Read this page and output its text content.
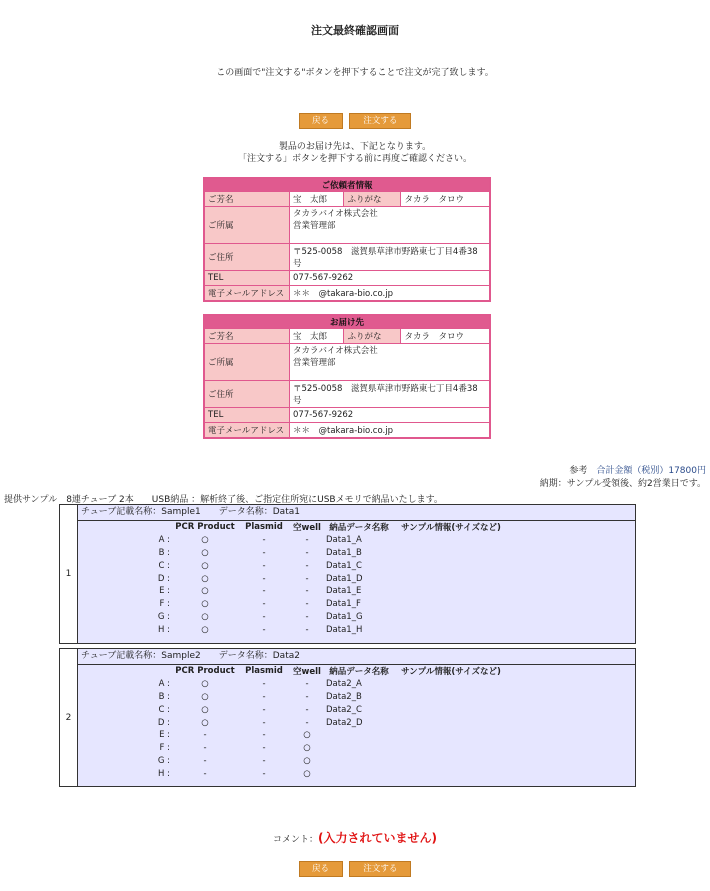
注文最終確認画面
この画面で"注文する"ボタンを押下することで注文が完了致します。
戻る	注文する
製品のお届け先は、下記となります。
「注文する」ボタンを押下する前に再度ご確認ください。
ご依頼者情報			
ご芳名	宝　太郎	ふりがな	タカラ　タロウ
ご所属	タカラバイオ株式会社
営業管理部		

ご住所	〒525-0058　滋賀県草津市野路東七丁目4番38号		
TEL	077-567-9262		
電子メールアドレス	＊＊　@takara-bio.co.jp		
お届け先			
ご芳名	宝　太郎	ふりがな	タカラ　タロウ
ご所属	タカラバイオ株式会社
営業管理部		

ご住所	〒525-0058　滋賀県草津市野路東七丁目4番38号		
TEL	077-567-9262		
電子メールアドレス	＊＊　@takara-bio.co.jp		
参考　合計金額（税別）17800円
納期：サンプル受領後、約2営業日です。
提供サンプル　8連チューブ 2本　　USB納品 ：解析終了後、ご指定住所宛にUSBメモリで納品いたします。
1	
チューブ記載名称：Sample1　　データ名称：Data1
	PCR Product	Plasmid	空well	納品データ名称	サンプル情報(サイズなど)
A :	○	-	-	Data1_A	
B :	○	-	-	Data1_B	
C :	○	-	-	Data1_C	
D :	○	-	-	Data1_D	
E :	○	-	-	Data1_E	
F :	○	-	-	Data1_F	
G :	○	-	-	Data1_G	
H :	○	-	-	Data1_H	
2	
チューブ記載名称：Sample2　　データ名称：Data2
	PCR Product	Plasmid	空well	納品データ名称	サンプル情報(サイズなど)
A :	○	-	-	Data2_A	
B :	○	-	-	Data2_B	
C :	○	-	-	Data2_C	
D :	○	-	-	Data2_D	
E :	-	-	○		
F :	-	-	○		
G :	-	-	○		
H :	-	-	○		
コメント：(入力されていません)
戻る	注文する
